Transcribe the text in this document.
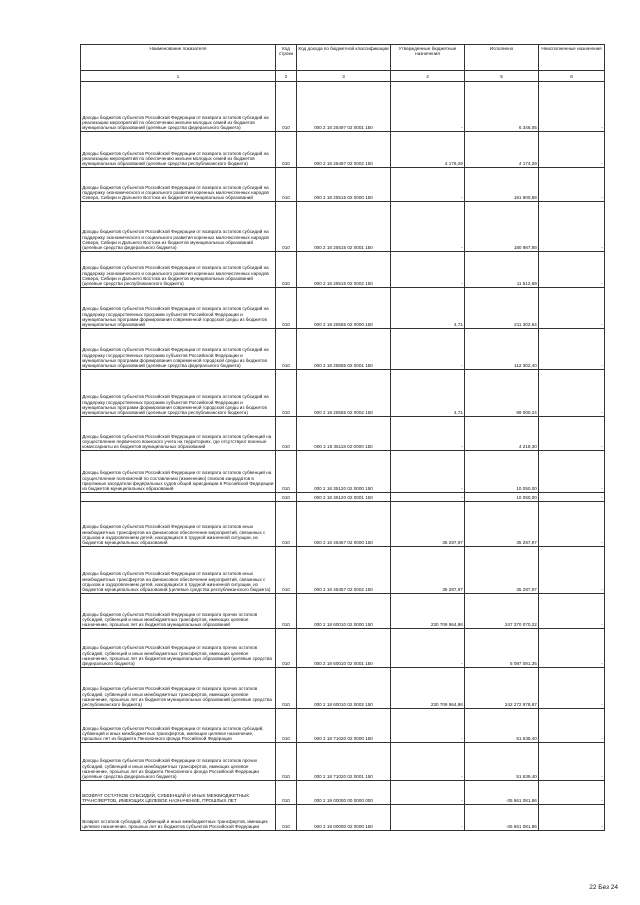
Наименование показателя	Код строки	Код дохода по бюджетной классификации	Утвержденные бюджетные назначения	Исполнено	Неисполненные назначения
1	2	3	4	5	6
Доходы бюджетов субъектов Российской Федерации от возврата остатков субсидий на реализацию мероприятий по обеспечению жильем молодых семей из бюджетов муниципальных образований (целевые средства федерального бюджета)	010	000 2 18 25497 02 0001 150	-	6 346,05	-
Доходы бюджетов субъектов Российской Федерации от возврата остатков субсидий на реализацию мероприятий по обеспечению жильем молодых семей из бюджетов муниципальных образований (целевые средства республиканского бюджета)	010	000 2 18 25497 02 0002 150	4 176,29	4 174,29	-
Доходы бюджетов субъектов Российской Федерации от возврата остатков субсидий на поддержку экономического и социального развития коренных малочисленных народов Севера, Сибири и Дальнего Востока из бюджетов муниципальных образований	010	000 2 18 25515 02 0000 150	-	191 800,58	-
Доходы бюджетов субъектов Российской Федерации от возврата остатков субсидий на поддержку экономического и социального развития коренных малочисленных народов Севера, Сибири и Дальнего Востока из бюджетов муниципальных образований (целевые средства федерального бюджета)	010	000 2 18 25515 02 0001 150	-	180 987,89	-
Доходы бюджетов субъектов Российской Федерации от возврата остатков субсидий на поддержку экономического и социального развития коренных малочисленных народов Севера, Сибири и Дальнего Востока из бюджетов муниципальных образований (целевые средства республиканского бюджета)	010	000 2 18 25515 02 0002 150	-	11 512,69	-
Доходы бюджетов субъектов Российской Федерации от возврата остатков субсидий на поддержку государственных программ субъектов Российской Федерации и муниципальных программ формирования современной городской среды из бюджетов муниципальных образований	010	000 2 18 25555 02 0000 150	4,71	211 302,64	-
Доходы бюджетов субъектов Российской Федерации от возврата остатков субсидий на поддержку государственных программ субъектов Российской Федерации и муниципальных программ формирования современной городской среды из бюджетов муниципальных образований (целевые средства федерального бюджета)	010	000 2 18 25555 02 0001 150	-	112 302,40	-
Доходы бюджетов субъектов Российской Федерации от возврата остатков субсидий на поддержку государственных программ субъектов Российской Федерации и муниципальных программ формирования современной городской среды из бюджетов муниципальных образований (целевые средства республиканского бюджета)	010	000 2 18 25555 02 0002 150	4,71	99 000,24	-
Доходы бюджетов субъектов Российской Федерации от возврата остатков субвенций на осуществление первичного воинского учета на территориях, где отсутствуют военные комиссариаты из бюджетов муниципальных образований	010	000 2 18 35118 02 0000 150	-	4 218,30	-
Доходы бюджетов субъектов Российской Федерации от возврата остатков субвенций на осуществление полномочий по составлению (изменению) списков кандидатов в присяжные заседатели федеральных судов общей юрисдикции в Российской Федерации из бюджетов муниципальных образований	010	000 2 18 35120 02 0000 150	-	10 050,00	-
	010	000 2 18 35120 02 0001 150	-	10 050,00	-
Доходы бюджетов субъектов Российской Федерации от возврата остатков иных межбюджетных трансфертов на финансовое обеспечение мероприятий, связанных с отдыхом и оздоровлением детей, находящихся в трудной жизненной ситуации, из бюджетов муниципальных образований	010	000 2 18 45457 02 0000 150	35 287,97	35 287,97	-
Доходы бюджетов субъектов Российской Федерации от возврата остатков иных межбюджетных трансфертов на финансовое обеспечение мероприятий, связанных с отдыхом и оздоровлением детей, находящихся в трудной жизненной ситуации, из бюджетов муниципальных образований (целевые средства республиканского бюджета)	010	000 2 18 45457 02 0002 150	35 287,97	35 287,97	-
Доходы бюджетов субъектов Российской Федерации от возврата прочих остатков субсидий, субвенций и иных межбюджетных трансфертов, имеющих целевое назначение, прошлых лет из бюджетов муниципальных образований	010	000 2 18 60010 02 0000 150	230 709 964,86	247 370 070,22	-
Доходы бюджетов субъектов Российской Федерации от возврата прочих остатков субсидий, субвенций и иных межбюджетных трансфертов, имеющих целевое назначение, прошлых лет из бюджетов муниципальных образований (целевые средства федерального бюджета)	010	000 2 18 60010 02 0001 150	-	5 097 091,35	-
Доходы бюджетов субъектов Российской Федерации от возврата прочих остатков субсидий, субвенций и иных межбюджетных трансфертов, имеющих целевое назначение, прошлых лет из бюджетов муниципальных образований (целевые средства республиканского бюджета)	010	000 2 18 60010 02 0002 150	230 709 964,86	242 272 978,87	-
Доходы бюджетов субъектов Российской Федерации от возврата остатков субсидий, субвенций и иных межбюджетных трансфертов, имеющих целевое назначение, прошлых лет из бюджета Пенсионного фонда Российской Федерации	010	000 2 18 71020 02 0000 150	-	51 639,40	-
Доходы бюджетов субъектов Российской Федерации от возврата остатков прочих субсидий, субвенций и иных межбюджетных трансфертов, имеющих целевое назначение, прошлых лет из бюджета Пенсионного фонда Российской Федерации (целевые средства федерального бюджета)	010	000 2 18 71020 02 0001 150	-	51 639,40	-
ВОЗВРАТ ОСТАТКОВ СУБСИДИЙ, СУБВЕНЦИЙ И ИНЫХ МЕЖБЮДЖЕТНЫХ ТРАНСФЕРТОВ, ИМЕЮЩИХ ЦЕЛЕВОЕ НАЗНАЧЕНИЕ, ПРОШЛЫХ ЛЕТ	010	000 2 19 00000 00 0000 000	-	-35 661 081,86	-
Возврат остатков субсидий, субвенций и иных межбюджетных трансфертов, имеющих целевое назначение, прошлых лет из бюджетов субъектов Российской Федерации	010	000 2 19 00000 02 0000 150	-	-35 661 081,86	-
22 Без 24
